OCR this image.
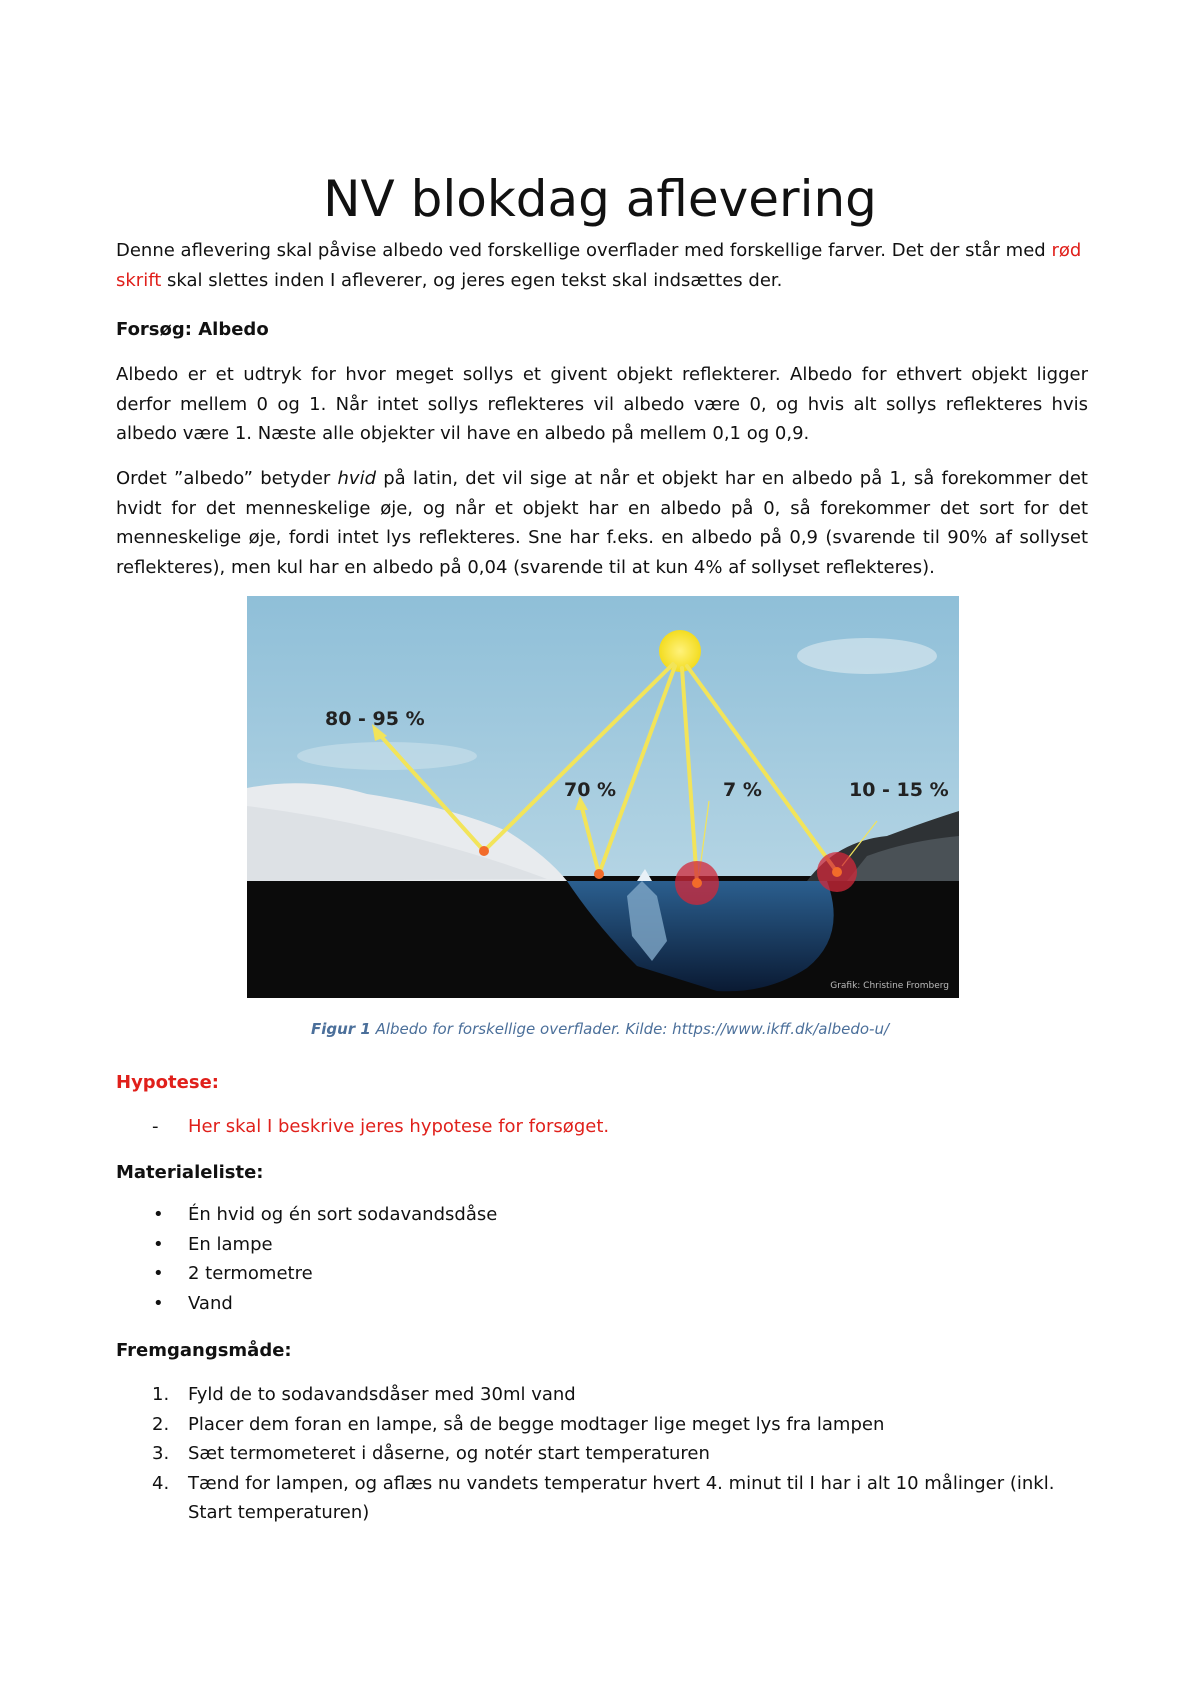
NV blokdag aflevering
Denne aflevering skal påvise albedo ved forskellige overflader med forskellige farver. Det der står med rød skrift skal slettes inden I afleverer, og jeres egen tekst skal indsættes der.
Forsøg: Albedo
Albedo er et udtryk for hvor meget sollys et givent objekt reflekterer. Albedo for ethvert objekt ligger derfor mellem 0 og 1. Når intet sollys reflekteres vil albedo være 0, og hvis alt sollys reflekteres hvis albedo være 1. Næste alle objekter vil have en albedo på mellem 0,1 og 0,9.
Ordet ”albedo” betyder hvid på latin, det vil sige at når et objekt har en albedo på 1, så forekommer det hvidt for det menneskelige øje, og når et objekt har en albedo på 0, så forekommer det sort for det menneskelige øje, fordi intet lys reflekteres. Sne har f.eks. en albedo på 0,9 (svarende til 90% af sollyset reflekteres), men kul har en albedo på 0,04 (svarende til at kun 4% af sollyset reflekteres).
80 - 95 %
70 %	7 %	10 - 15 %
Grafik: Christine Fromberg
Figur 1 Albedo for forskellige overflader. Kilde: https://www.ikff.dk/albedo-u/
Hypotese:
- Her skal I beskrive jeres hypotese for forsøget.
Materialeliste:
• Én hvid og én sort sodavandsdåse
• En lampe
• 2 termometre
• Vand
Fremgangsmåde:
1. Fyld de to sodavandsdåser med 30ml vand
2. Placer dem foran en lampe, så de begge modtager lige meget lys fra lampen
3. Sæt termometeret i dåserne, og notér start temperaturen
4. Tænd for lampen, og aflæs nu vandets temperatur hvert 4. minut til I har i alt 10 målinger (inkl. Start temperaturen)
